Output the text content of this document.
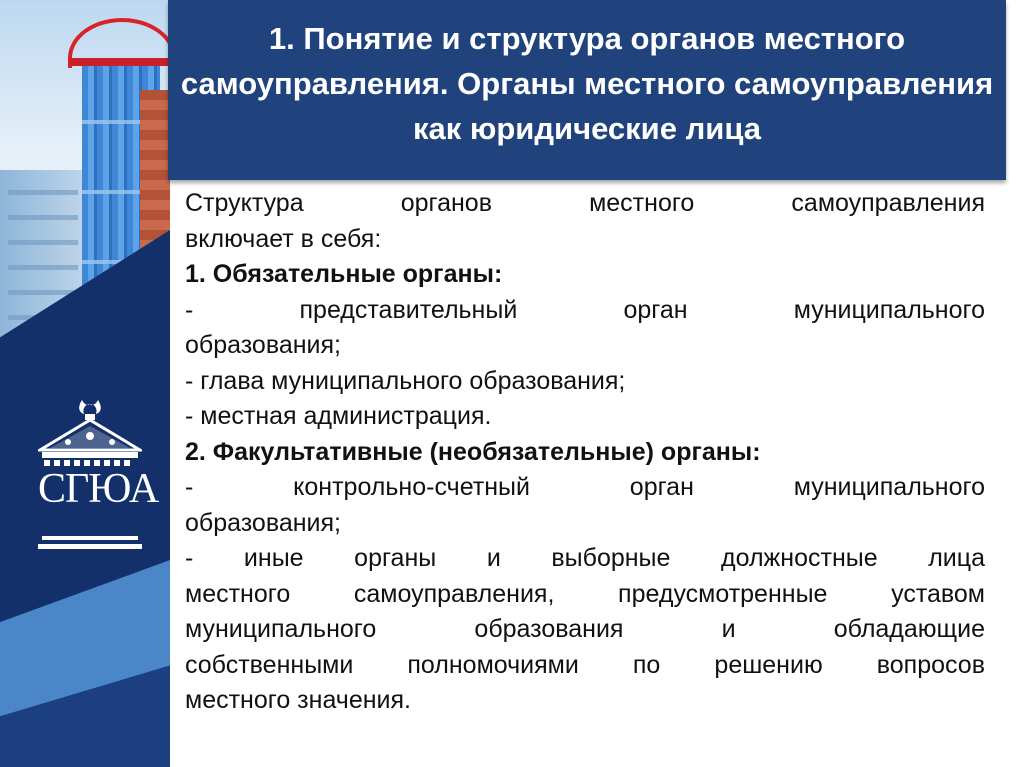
СГЮА
1. Понятие и структура органов местного самоуправления. Органы местного самоуправления как юридические лица

Структура органов местного самоуправления

включает в себя:

1. Обязательные органы:

- представительный орган муниципального

образования;

- глава муниципального образования;

- местная администрация.

2. Факультативные (необязательные) органы:

- контрольно-счетный орган муниципального

образования;

- иные органы и выборные должностные лица

местного самоуправления, предусмотренные уставом

муниципального образования и обладающие

собственными полномочиями по решению вопросов

местного значения.
